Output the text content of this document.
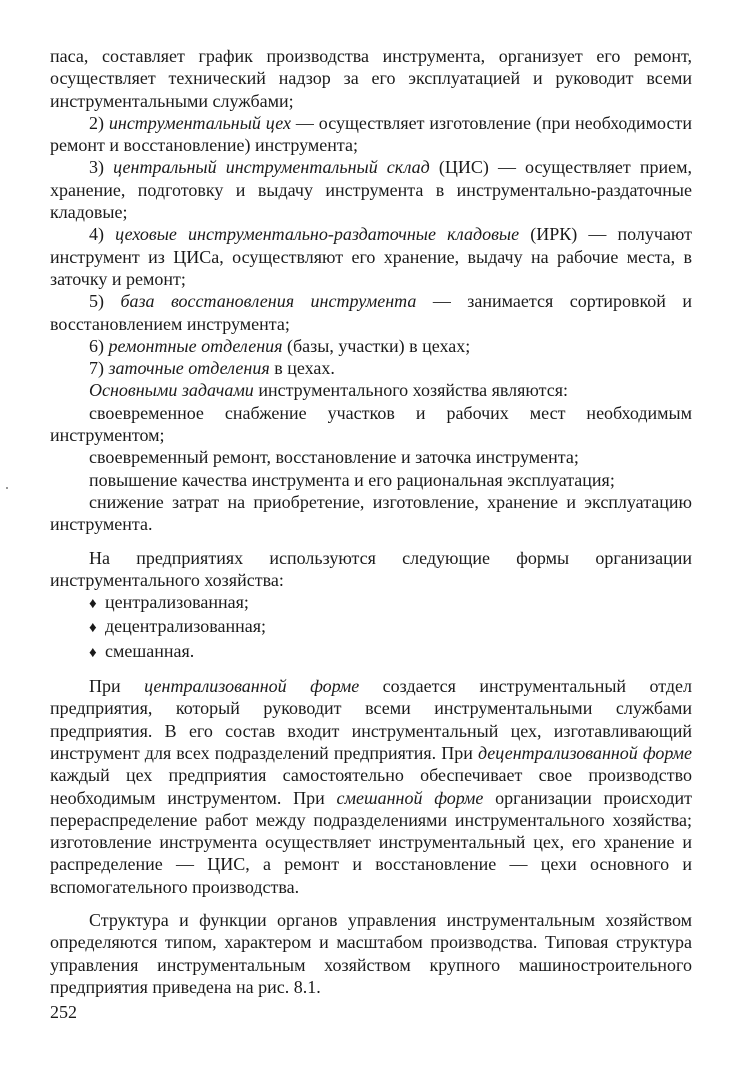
паса, составляет график производства инструмента, организует его ремонт, осуществляет технический надзор за его эксплуатацией и руководит всеми инструментальными службами;

2) инструментальный цех — осуществляет изготовление (при необходимости ремонт и восстановление) инструмента;

3) центральный инструментальный склад (ЦИС) — осуществляет прием, хранение, подготовку и выдачу инструмента в инструментально-раздаточные кладовые;

4) цеховые инструментально-раздаточные кладовые (ИРК) — получают инструмент из ЦИСа, осуществляют его хранение, выдачу на рабочие места, в заточку и ремонт;

5) база восстановления инструмента — занимается сортировкой и восстановлением инструмента;

6) ремонтные отделения (базы, участки) в цехах;

7) заточные отделения в цехах.

Основными задачами инструментального хозяйства являются:

своевременное снабжение участков и рабочих мест необходимым инструментом;

своевременный ремонт, восстановление и заточка инструмента;

повышение качества инструмента и его рациональная эксплуатация;

снижение затрат на приобретение, изготовление, хранение и эксплуатацию инструмента.

На предприятиях используются следующие формы организации инструментального хозяйства:

♦ централизованная;
♦ децентрализованная;
♦ смешанная.

При централизованной форме создается инструментальный отдел предприятия, который руководит всеми инструментальными службами предприятия. В его состав входит инструментальный цех, изготавливающий инструмент для всех подразделений предприятия. При децентрализованной форме каждый цех предприятия самостоятельно обеспечивает свое производство необходимым инструментом. При смешанной форме организации происходит перераспределение работ между подразделениями инструментального хозяйства; изготовление инструмента осуществляет инструментальный цех, его хранение и распределение — ЦИС, а ремонт и восстановление — цехи основного и вспомогательного производства.

Структура и функции органов управления инструментальным хозяйством определяются типом, характером и масштабом производства. Типовая структура управления инструментальным хозяйством крупного машиностроительного предприятия приведена на рис. 8.1.

252
